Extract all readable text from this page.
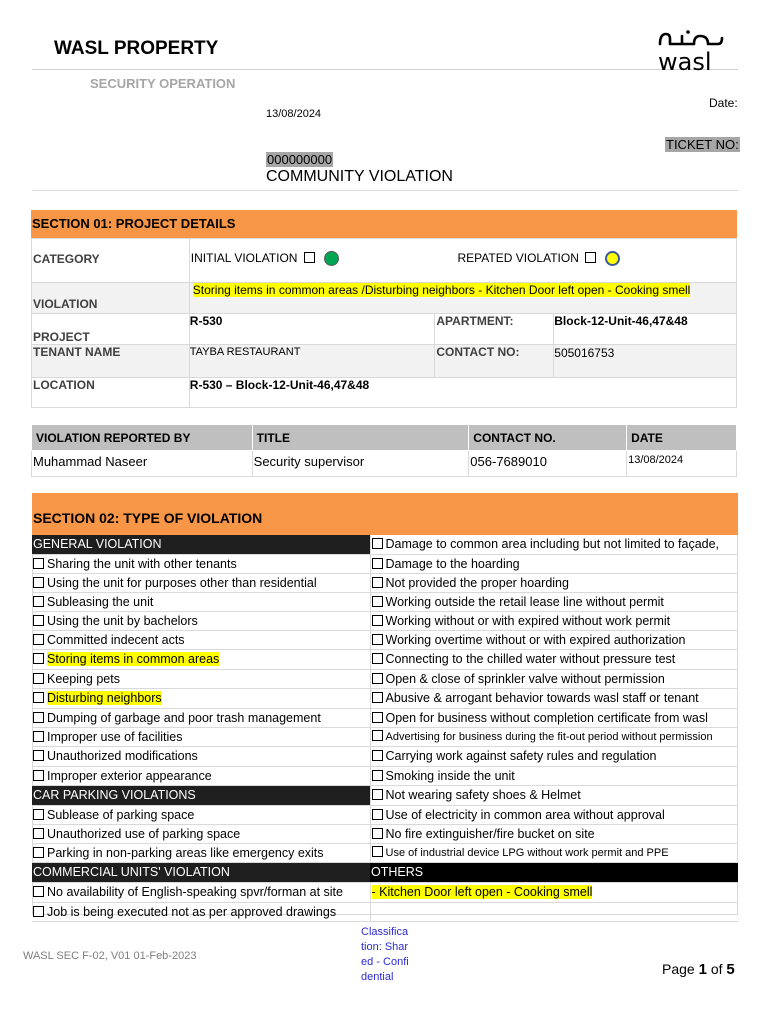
WASL PROPERTY
SECURITY OPERATION
Date:
13/08/2024
TICKET NO:
000000000
COMMUNITY VIOLATION
wasl
SECTION 01: PROJECT DETAILS
CATEGORY	INITIAL VIOLATION REPATED VIOLATION		
VIOLATION	Storing items in common areas /Disturbing neighbors - Kitchen Door left open - Cooking smell		
PROJECT	R-530	APARTMENT:	Block-12-Unit-46,47&48
TENANT NAME	TAYBA RESTAURANT	CONTACT NO:	505016753
LOCATION	R-530 – Block-12-Unit-46,47&48		
VIOLATION REPORTED BY	TITLE	CONTACT NO.	DATE
Muhammad Naseer	Security supervisor	056-7689010	13/08/2024
SECTION 02: TYPE OF VIOLATION
GENERAL VIOLATION	Damage to common area including but not limited to façade,
Sharing the unit with other tenants	Damage to the hoarding
Using the unit for purposes other than residential	Not provided the proper hoarding
Subleasing the unit	Working outside the retail lease line without permit
Using the unit by bachelors	Working without or with expired without work permit
Committed indecent acts	Working overtime without or with expired authorization
Storing items in common areas	Connecting to the chilled water without pressure test
Keeping pets	Open & close of sprinkler valve without permission
Disturbing neighbors	Abusive & arrogant behavior towards wasl staff or tenant
Dumping of garbage and poor trash management	Open for business without completion certificate from wasl
Improper use of facilities	Advertising for business during the fit-out period without permission
Unauthorized modifications	Carrying work against safety rules and regulation
Improper exterior appearance	Smoking inside the unit
CAR PARKING VIOLATIONS	Not wearing safety shoes & Helmet
Sublease of parking space	Use of electricity in common area without approval
Unauthorized use of parking space	No fire extinguisher/fire bucket on site
Parking in non-parking areas like emergency exits	Use of industrial device LPG without work permit and PPE
COMMERCIAL UNITS' VIOLATION	OTHERS
No availability of English-speaking spvr/forman at site	- Kitchen Door left open - Cooking smell
Job is being executed not as per approved drawings	
WASL SEC F-02, V01 01-Feb-2023
Classification: Shared - Confidential	Page 1 of 5
